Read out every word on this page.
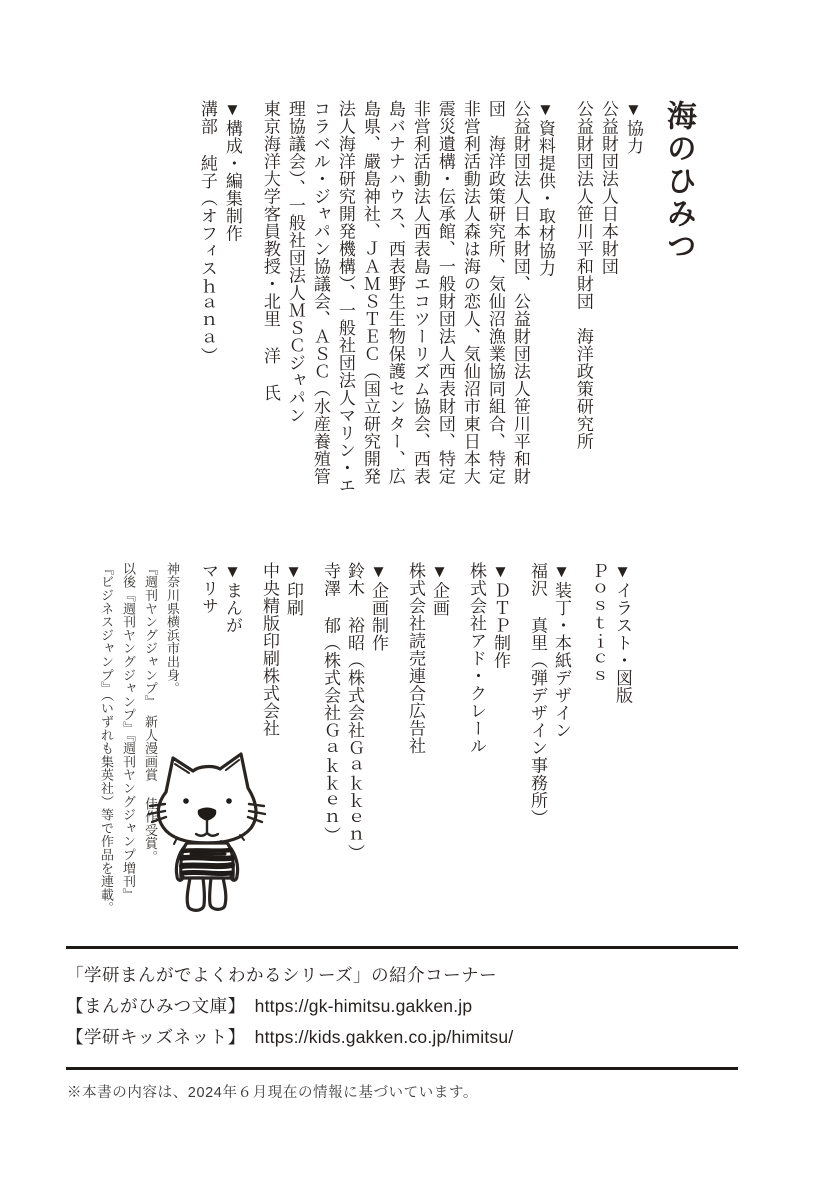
海のひみつ

▼協力

公益財団法人日本財団

公益財団法人笹川平和財団　海洋政策研究所

▼資料提供・取材協力

公益財団法人日本財団、公益財団法人笹川平和財団　海洋政策研究所、気仙沼漁業協同組合、特定非営利活動法人森は海の恋人、気仙沼市東日本大震災遺構・伝承館、一般財団法人西表財団、特定非営利活動法人西表島エコツーリズム協会、西表島バナナハウス、西表野生生物保護センター、広島県、嚴島神社、ＪＡＭＳＴＥＣ（国立研究開発法人海洋研究開発機構）、一般社団法人マリン・エコラベル・ジャパン協議会、ＡＳＣ（水産養殖管理協議会）、一般社団法人ＭＳＣジャパン

東京海洋大学客員教授・北里 洋 氏

▼構成・編集制作

溝部 純子（オフィスｈａｎａ）

▼イラスト・図版

Ｐｏｓｔｉｃｓ

▼装丁・本紙デザイン

福沢 真里（弾デザイン事務所）

▼ＤＴＰ制作

株式会社アド・クレール

▼企画

株式会社読売連合広告社

▼企画制作

鈴木 裕昭（株式会社Ｇａｋｋｅｎ）

寺澤 郁（株式会社Ｇａｋｋｅｎ）

▼印刷

中央精版印刷株式会社

▼まんが

マリサ

神奈川県横浜市出身。

『週刊ヤングジャンプ』　新人漫画賞 佳作受賞。

以後『週刊ヤングジャンプ』『週刊ヤングジャンプ増刊』

『ビジネスジャンプ』（いずれも集英社）等で作品を連載。

「学研まんがでよくわかるシリーズ」の紹介コーナー

【まんがひみつ文庫】 https://gk-himitsu.gakken.jp

【学研キッズネット】 https://kids.gakken.co.jp/himitsu/

※本書の内容は、2024年６月現在の情報に基づいています。
